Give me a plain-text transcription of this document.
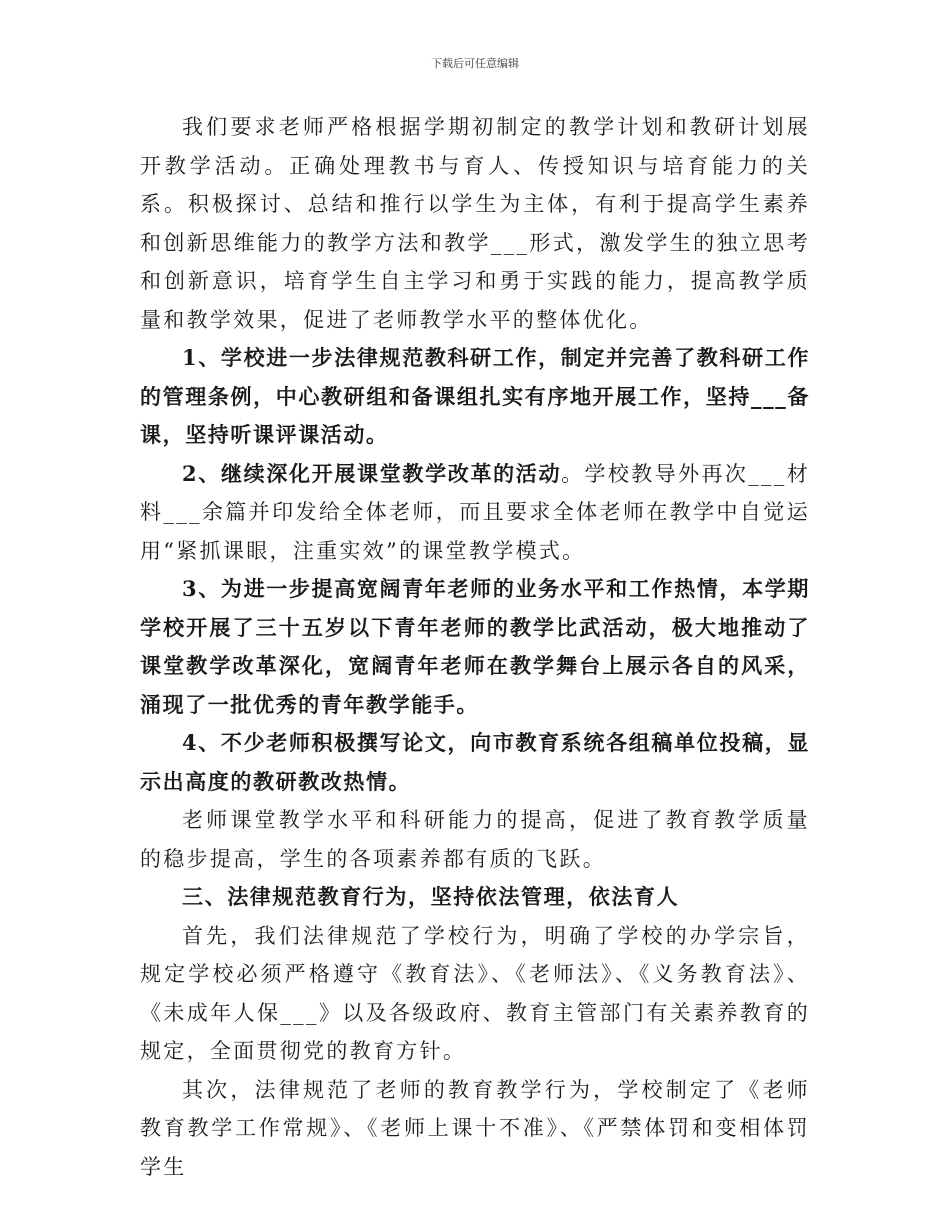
下载后可任意编辑

我们要求老师严格根据学期初制定的教学计划和教研计划展开教学活动。正确处理教书与育人、传授知识与培育能力的关系。积极探讨、总结和推行以学生为主体，有利于提高学生素养和创新思维能力的教学方法和教学___形式，激发学生的独立思考和创新意识，培育学生自主学习和勇于实践的能力，提高教学质量和教学效果，促进了老师教学水平的整体优化。

1、学校进一步法律规范教科研工作，制定并完善了教科研工作的管理条例，中心教研组和备课组扎实有序地开展工作，坚持___备课，坚持听课评课活动。

2、继续深化开展课堂教学改革的活动。学校教导外再次___材料___余篇并印发给全体老师，而且要求全体老师在教学中自觉运用“紧抓课眼，注重实效”的课堂教学模式。

3、为进一步提高宽阔青年老师的业务水平和工作热情，本学期学校开展了三十五岁以下青年老师的教学比武活动，极大地推动了课堂教学改革深化，宽阔青年老师在教学舞台上展示各自的风采，涌现了一批优秀的青年教学能手。

4、不少老师积极撰写论文，向市教育系统各组稿单位投稿，显示出高度的教研教改热情。

老师课堂教学水平和科研能力的提高，促进了教育教学质量的稳步提高，学生的各项素养都有质的飞跃。

三、法律规范教育行为，坚持依法管理，依法育人

首先，我们法律规范了学校行为，明确了学校的办学宗旨，规定学校必须严格遵守《教育法》、《老师法》、《义务教育法》、《未成年人保___》以及各级政府、教育主管部门有关素养教育的规定，全面贯彻党的教育方针。

其次，法律规范了老师的教育教学行为，学校制定了《老师教育教学工作常规》、《老师上课十不准》、《严禁体罚和变相体罚学生
